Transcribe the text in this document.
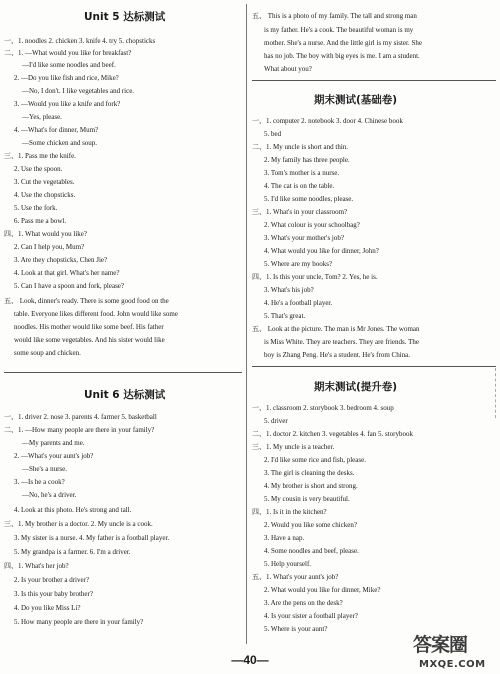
Unit 5 达标测试
一、1. noodles 2. chicken 3. knife 4. try 5. chopsticks
二、1. —What would you like for breakfast?
—I'd like some noodles and beef.
2. —Do you like fish and rice, Mike?
—No, I don't. I like vegetables and rice.
3. —Would you like a knife and fork?
—Yes, please.
4. —What's for dinner, Mum?
—Some chicken and soup.
三、1. Pass me the knife.
2. Use the spoon.
3. Cut the vegetables.
4. Use the chopsticks.
5. Use the fork.
6. Pass me a bowl.
四、1. What would you like?
2. Can I help you, Mum?
3. Are they chopsticks, Chen Jie?
4. Look at that girl. What's her name?
5. Can I have a spoon and fork, please?
五、 Look, dinner's ready. There is some good food on the
table. Everyone likes different food. John would like some
noodles. His mother would like some beef. His father
would like some vegetables. And his sister would like
some soup and chicken.
Unit 6 达标测试
一、1. driver 2. nose 3. parents 4. farmer 5. basketball
二、1. —How many people are there in your family?
—My parents and me.
2. —What's your aunt's job?
—She's a nurse.
3. —Is he a cook?
—No, he's a driver.
4. Look at this photo. He's strong and tall.
三、1. My brother is a doctor. 2. My uncle is a cook.
3. My sister is a nurse. 4. My father is a football player.
5. My grandpa is a farmer. 6. I'm a driver.
四、1. What's her job?
2. Is your brother a driver?
3. Is this your baby brother?
4. Do you like Miss Li?
5. How many people are there in your family?
五、 This is a photo of my family. The tall and strong man
is my father. He's a cook. The beautiful woman is my
mother. She's a nurse. And the little girl is my sister. She
has no job. The boy with big eyes is me. I am a student.
What about you?
期末测试(基础卷)
一、1. computer 2. notebook 3. door 4. Chinese book
5. bed
二、1. My uncle is short and thin.
2. My family has three people.
3. Tom's mother is a nurse.
4. The cat is on the table.
5. I'd like some noodles, please.
三、1. What's in your classroom?
2. What colour is your schoolbag?
3. What's your mother's job?
4. What would you like for dinner, John?
5. Where are my books?
四、1. Is this your uncle, Tom? 2. Yes, he is.
3. What's his job?
4. He's a football player.
5. That's great.
五、 Look at the picture. The man is Mr Jones. The woman
is Miss White. They are teachers. They are friends. The
boy is Zhang Peng. He's a student. He's from China.
期末测试(提升卷)
一、1. classroom 2. storybook 3. bedroom 4. soup
5. driver
二、1. doctor 2. kitchen 3. vegetables 4. fan 5. storybook
三、1. My uncle is a teacher.
2. I'd like some rice and fish, please.
3. The girl is cleaning the desks.
4. My brother is short and strong.
5. My cousin is very beautiful.
四、1. Is it in the kitchen?
2. Would you like some chicken?
3. Have a nap.
4. Some noodles and beef, please.
5. Help yourself.
五、1. What's your aunt's job?
2. What would you like for dinner, Mike?
3. Are the pens on the desk?
4. Is your sister a football player?
5. Where is your aunt?
—40—
答案圈
MXQE.COM
